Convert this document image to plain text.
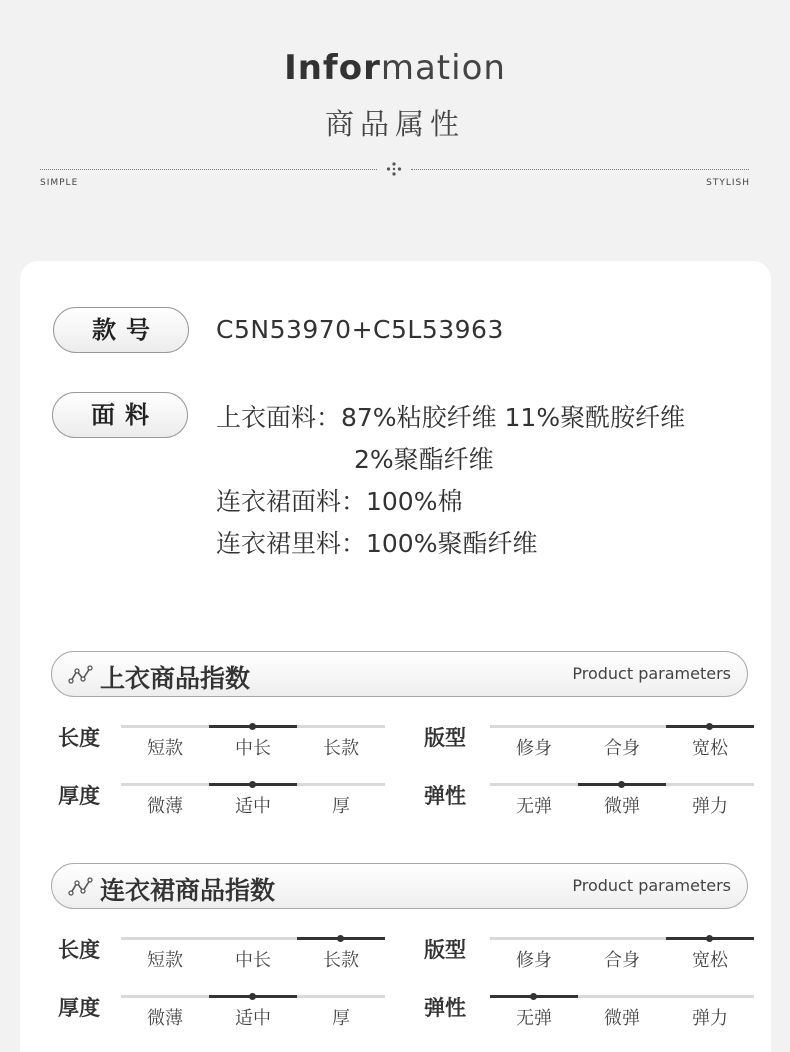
Information
商品属性
SIMPLE	STYLISH
款号	C5N53970+C5L53963
面料	上衣面料：87%粘胶纤维 11%聚酰胺纤维
2%聚酯纤维
连衣裙面料：100%棉
连衣裙里料：100%聚酯纤维
上衣商品指数	Product parameters
长度	短款	中长	长款	版型	修身	合身	宽松
厚度	微薄	适中	厚	弹性	无弹	微弹	弹力
连衣裙商品指数	Product parameters
长度	短款	中长	长款	版型	修身	合身	宽松
厚度	微薄	适中	厚	弹性	无弹	微弹	弹力
